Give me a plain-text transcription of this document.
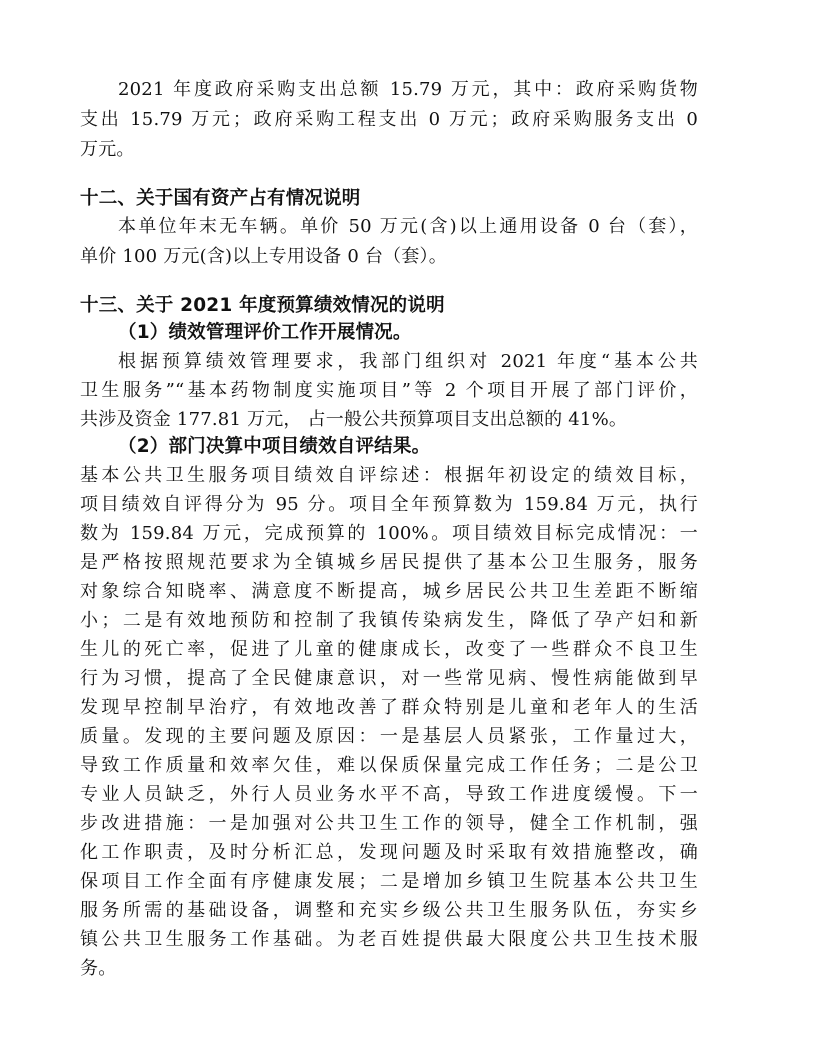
2021 年度政府采购支出总额 15.79 万元，其中：政府采购货物
支出 15.79 万元；政府采购工程支出 0 万元；政府采购服务支出 0
万元。
十二、关于国有资产占有情况说明
本单位年末无车辆。单价 50 万元(含)以上通用设备 0 台（套），
单价 100 万元(含)以上专用设备 0 台（套）。
十三、关于 2021 年度预算绩效情况的说明
（1）绩效管理评价工作开展情况。
根据预算绩效管理要求，我部门组织对 2021 年度“基本公共
卫生服务”“基本药物制度实施项目”等 2 个项目开展了部门评价，
共涉及资金 177.81 万元， 占一般公共预算项目支出总额的 41%。
（2）部门决算中项目绩效自评结果。
基本公共卫生服务项目绩效自评综述：根据年初设定的绩效目标，
项目绩效自评得分为 95 分。项目全年预算数为 159.84 万元，执行
数为 159.84 万元，完成预算的 100%。项目绩效目标完成情况：一
是严格按照规范要求为全镇城乡居民提供了基本公卫生服务，服务
对象综合知晓率、满意度不断提高，城乡居民公共卫生差距不断缩
小；二是有效地预防和控制了我镇传染病发生，降低了孕产妇和新
生儿的死亡率，促进了儿童的健康成长，改变了一些群众不良卫生
行为习惯，提高了全民健康意识，对一些常见病、慢性病能做到早
发现早控制早治疗，有效地改善了群众特别是儿童和老年人的生活
质量。发现的主要问题及原因：一是基层人员紧张，工作量过大，
导致工作质量和效率欠佳，难以保质保量完成工作任务；二是公卫
专业人员缺乏，外行人员业务水平不高，导致工作进度缓慢。下一
步改进措施：一是加强对公共卫生工作的领导，健全工作机制，强
化工作职责，及时分析汇总，发现问题及时采取有效措施整改，确
保项目工作全面有序健康发展；二是增加乡镇卫生院基本公共卫生
服务所需的基础设备，调整和充实乡级公共卫生服务队伍，夯实乡
镇公共卫生服务工作基础。为老百姓提供最大限度公共卫生技术服
务。
